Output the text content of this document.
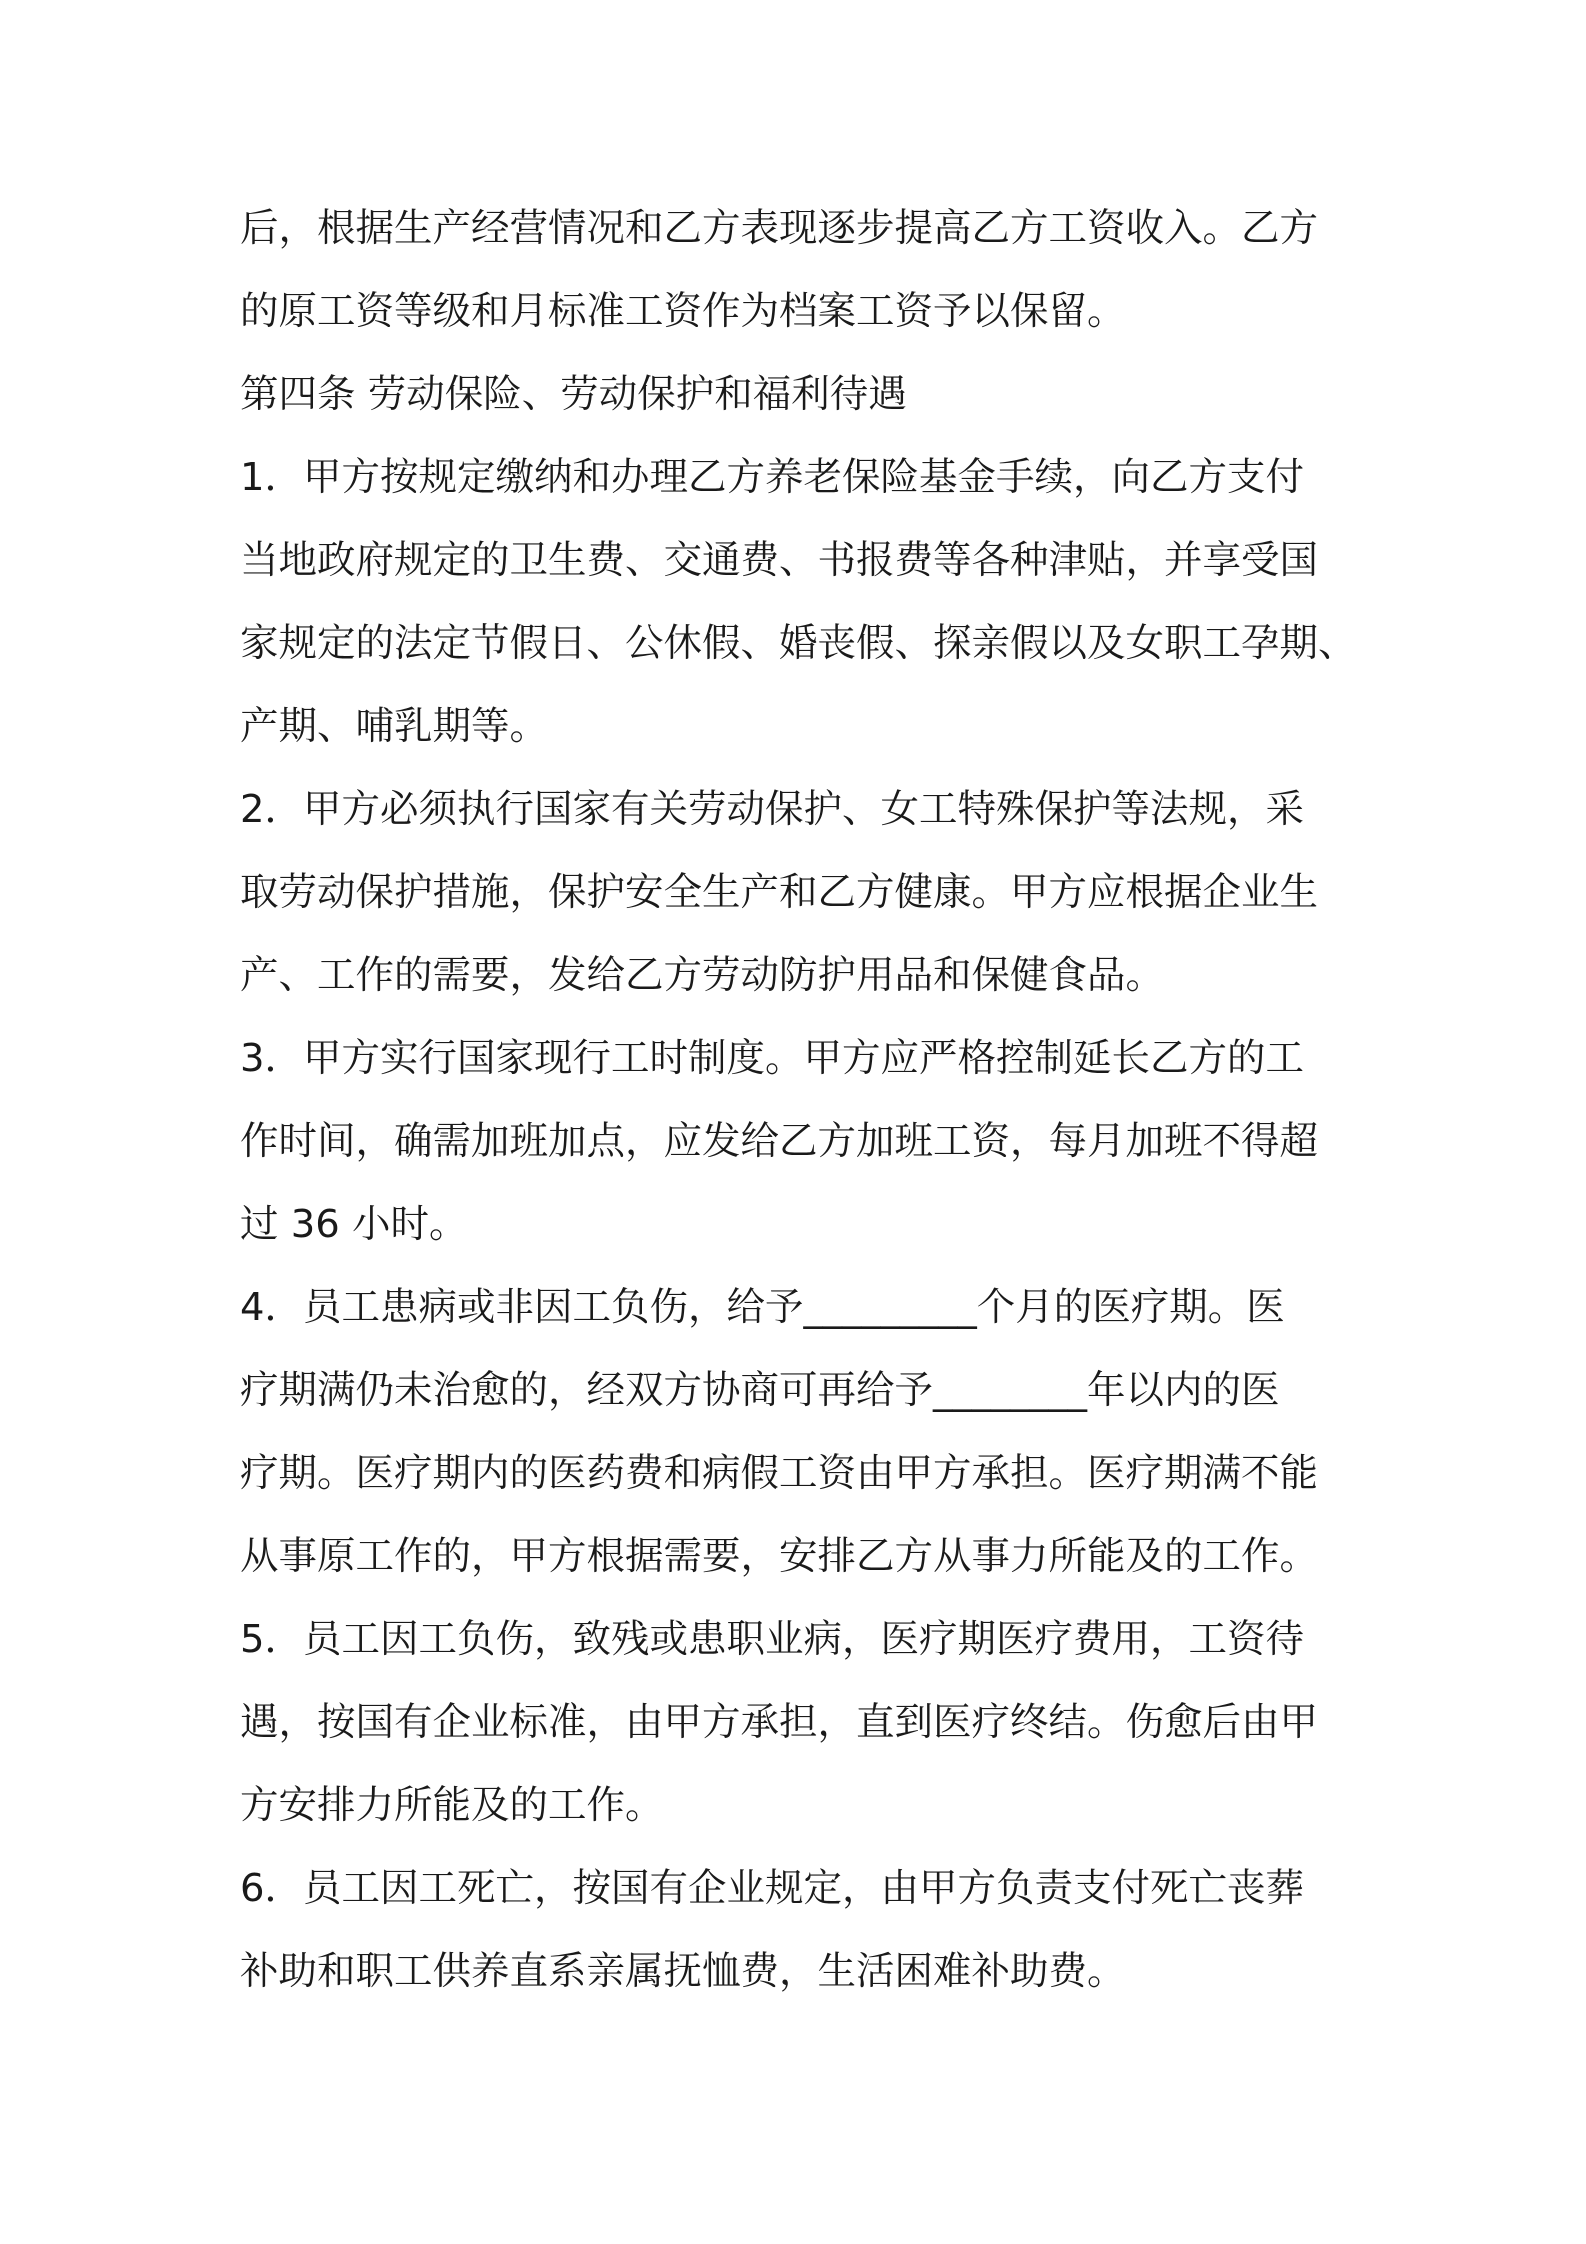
后，根据生产经营情况和乙方表现逐步提高乙方工资收入。乙方
的原工资等级和月标准工资作为档案工资予以保留。
第四条 劳动保险、劳动保护和福利待遇
1．甲方按规定缴纳和办理乙方养老保险基金手续，向乙方支付
当地政府规定的卫生费、交通费、书报费等各种津贴，并享受国
家规定的法定节假日、公休假、婚丧假、探亲假以及女职工孕期、
产期、哺乳期等。
2．甲方必须执行国家有关劳动保护、女工特殊保护等法规，采
取劳动保护措施，保护安全生产和乙方健康。甲方应根据企业生
产、工作的需要，发给乙方劳动防护用品和保健食品。
3．甲方实行国家现行工时制度。甲方应严格控制延长乙方的工
作时间，确需加班加点，应发给乙方加班工资，每月加班不得超
过 36 小时。
4．员工患病或非因工负伤，给予_________个月的医疗期。医
疗期满仍未治愈的，经双方协商可再给予________年以内的医
疗期。医疗期内的医药费和病假工资由甲方承担。医疗期满不能
从事原工作的，甲方根据需要，安排乙方从事力所能及的工作。
5．员工因工负伤，致残或患职业病，医疗期医疗费用，工资待
遇，按国有企业标准，由甲方承担，直到医疗终结。伤愈后由甲
方安排力所能及的工作。
6．员工因工死亡，按国有企业规定，由甲方负责支付死亡丧葬
补助和职工供养直系亲属抚恤费，生活困难补助费。
